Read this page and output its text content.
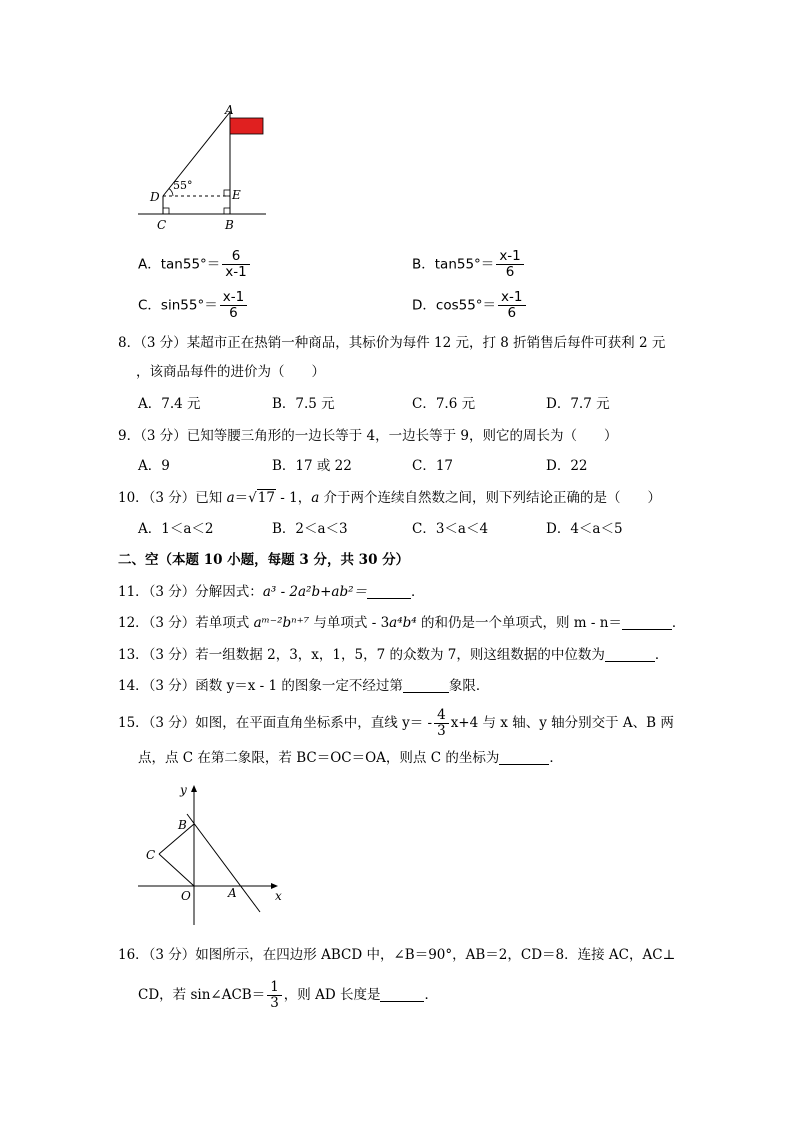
A
D	E
C	B
55°
A．$\tan 55^\circ= \frac{6}{x-1}$	B．$\tan 55^\circ= \frac{x-1}{6}$
C．$\sin 55^\circ= \frac{x-1}{6}$	D．$\cos 55^\circ= \frac{x-1}{6}$
8．（3 分）某超市正在热销一种商品，其标价为每件 12 元，打 8 折销售后每件可获利 2 元
，该商品每件的进价为（　　）
A．7.4 元	B．7.5 元	C．7.6 元	D．7.7 元
9．（3 分）已知等腰三角形的一边长等于 4，一边长等于 9，则它的周长为（　　）
A．9	B．17 或 22	C．17	D．22
10．（3 分）已知 a＝√17 - 1，a 介于两个连续自然数之间，则下列结论正确的是（　　）
A．1＜a＜2	B．2＜a＜3	C．3＜a＜4	D．4＜a＜5
二、空（本题 10 小题，每题 3 分，共 30 分）
11．（3 分）分解因式：a³ - 2a²b+ab²＝	．
12．（3 分）若单项式 aᵐ⁻²bⁿ⁺⁷ 与单项式 - 3a⁴b⁴ 的和仍是一个单项式，则 m - n＝	．
13．（3 分）若一组数据 2，3，x，1，5，7 的众数为 7，则这组数据的中位数为	．
14．（3 分）函数 y＝x - 1 的图象一定不经过第	象限．
15．（3 分）如图，在平面直角坐标系中，直线 $y= - \frac{4}{3} x+4$ 与 x 轴、y 轴分别交于 A、B 两
点，点 C 在第二象限，若 BC＝OC＝OA，则点 C 的坐标为	．
y
x
B
C
O	A
16．（3 分）如图所示，在四边形 ABCD 中，∠B＝90°，AB＝2，CD＝8．连接 AC，AC⊥
CD，若 sin∠ACB＝ $\frac{1}{3}$ ，则 AD 长度是	．
